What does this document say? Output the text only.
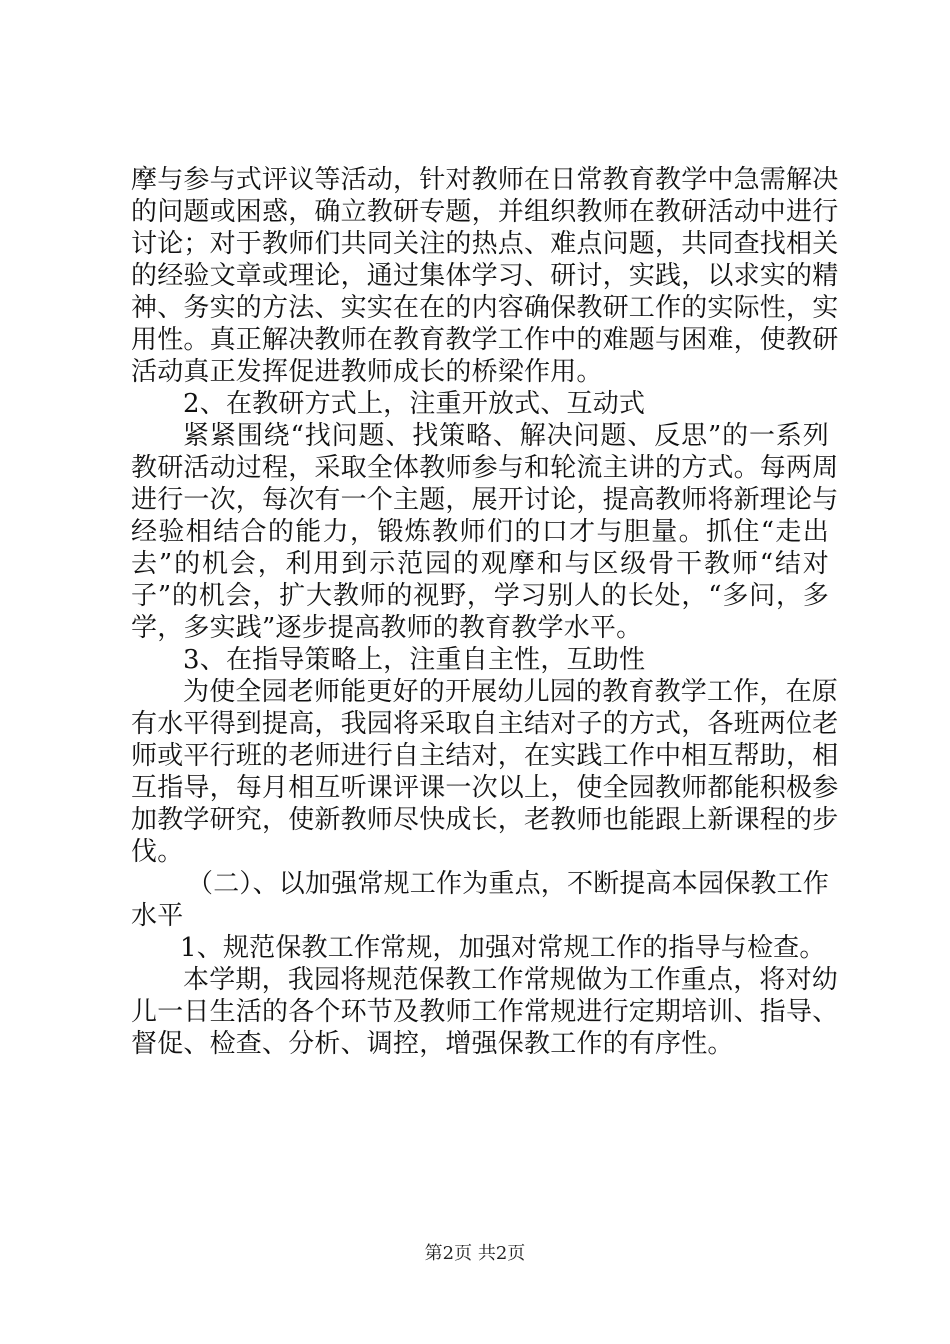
摩与参与式评议等活动，针对教师在日常教育教学中急需解决
的问题或困惑，确立教研专题，并组织教师在教研活动中进行
讨论；对于教师们共同关注的热点、难点问题，共同查找相关
的经验文章或理论，通过集体学习、研讨，实践，以求实的精
神、务实的方法、实实在在的内容确保教研工作的实际性，实
用性。真正解决教师在教育教学工作中的难题与困难，使教研
活动真正发挥促进教师成长的桥梁作用。
2、在教研方式上，注重开放式、互动式
紧紧围绕“找问题、找策略、解决问题、反思”的一系列
教研活动过程，采取全体教师参与和轮流主讲的方式。每两周
进行一次，每次有一个主题，展开讨论，提高教师将新理论与
经验相结合的能力，锻炼教师们的口才与胆量。抓住“走出
去”的机会，利用到示范园的观摩和与区级骨干教师“结对
子”的机会，扩大教师的视野，学习别人的长处，“多问，多
学，多实践”逐步提高教师的教育教学水平。
3、在指导策略上，注重自主性，互助性
为使全园老师能更好的开展幼儿园的教育教学工作，在原
有水平得到提高，我园将采取自主结对子的方式，各班两位老
师或平行班的老师进行自主结对，在实践工作中相互帮助，相
互指导，每月相互听课评课一次以上，使全园教师都能积极参
加教学研究，使新教师尽快成长，老教师也能跟上新课程的步
伐。
（二）、以加强常规工作为重点，不断提高本园保教工作
水平
1、规范保教工作常规，加强对常规工作的指导与检查。
本学期，我园将规范保教工作常规做为工作重点，将对幼
儿一日生活的各个环节及教师工作常规进行定期培训、指导、
督促、检查、分析、调控，增强保教工作的有序性。
第2页 共2页
